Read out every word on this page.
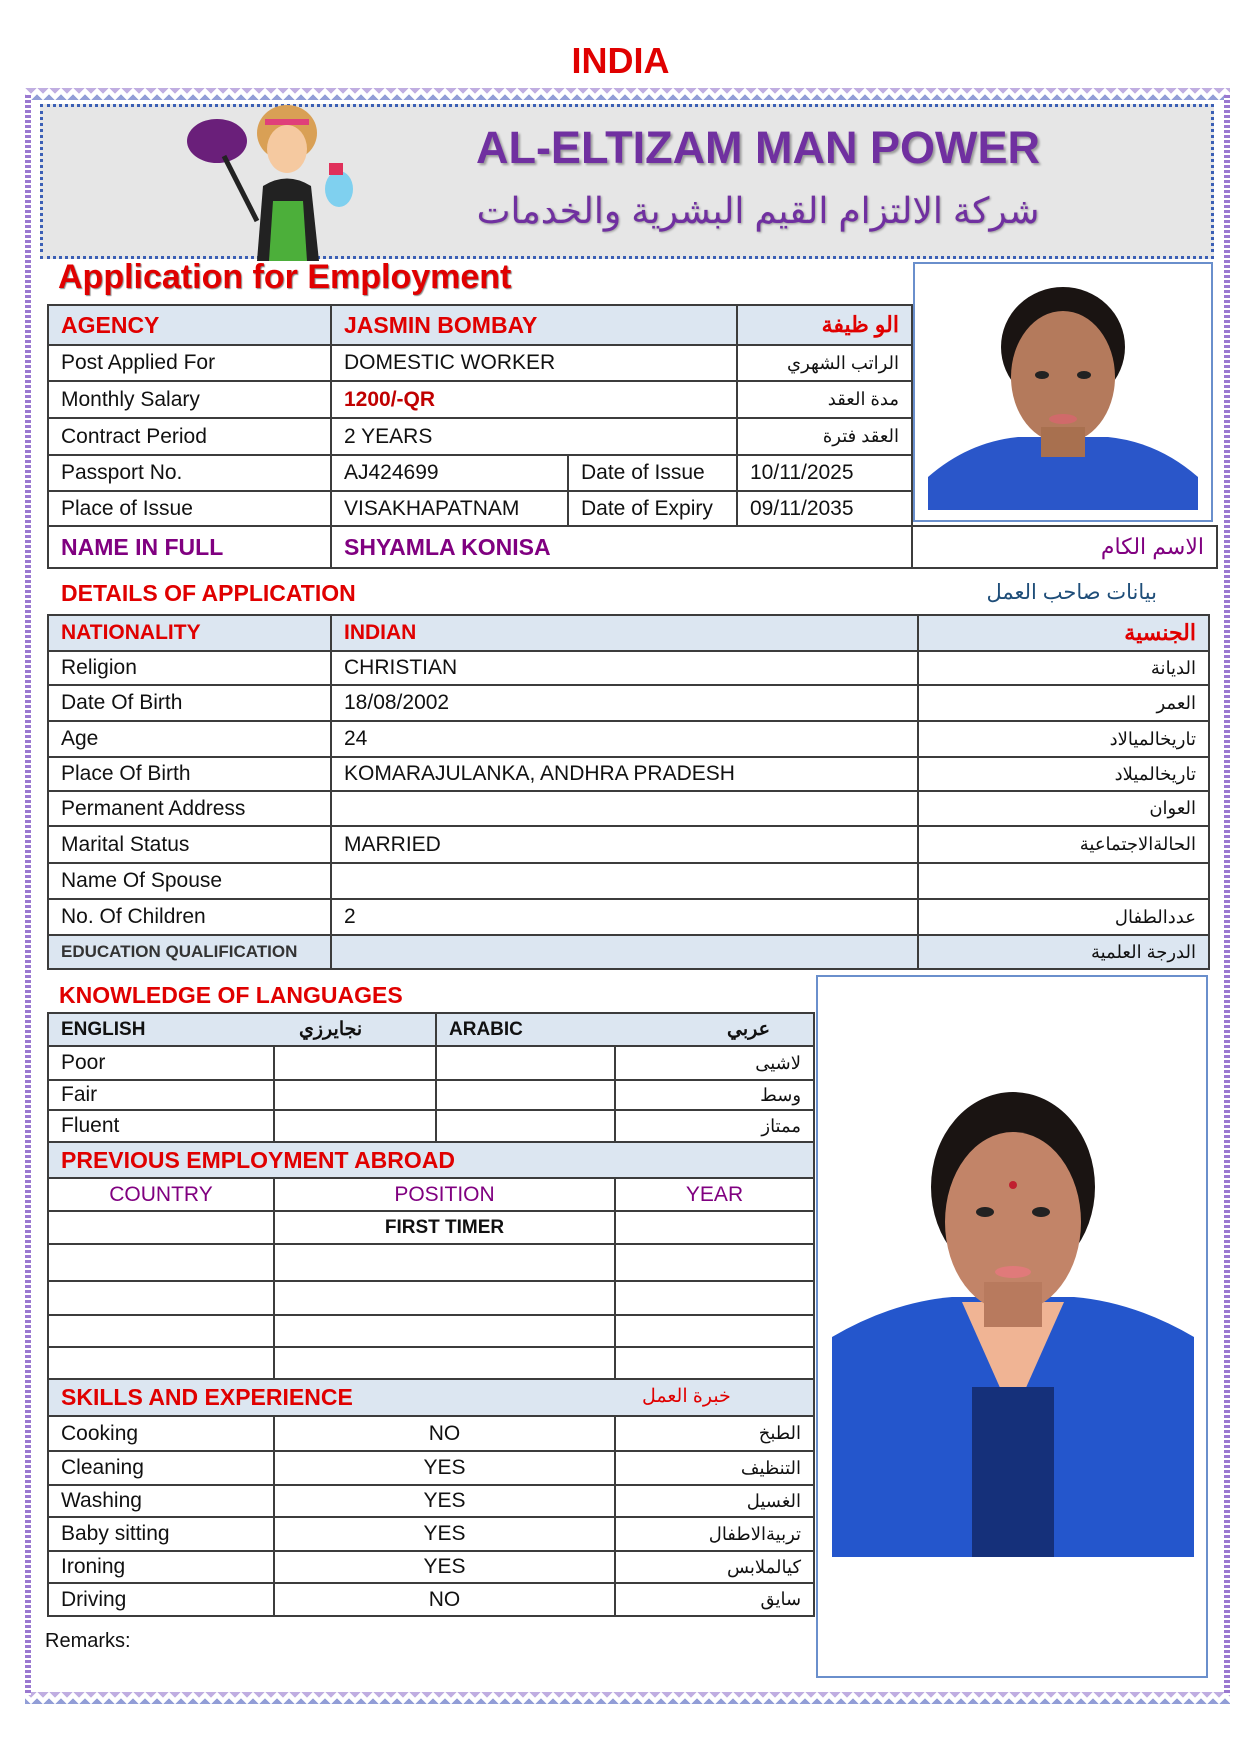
INDIA
AL-ELTIZAM MAN POWER
شركة الالتزام القيم البشرية والخدمات
Application for Employment
AGENCY	JASMIN BOMBAY		الو ظيفة
Post Applied For	DOMESTIC WORKER		الراتب الشهري
Monthly Salary	1200/-QR		مدة العقد
Contract Period	2 YEARS		العقد فترة
Passport No.	AJ424699	Date of Issue	10/11/2025
Place of Issue	VISAKHAPATNAM	Date of Expiry	09/11/2035
NAME IN FULL	SHYAMLA KONISA	الاسم الكام
DETAILS OF APPLICATION	بيانات صاحب العمل
NATIONALITY	INDIAN	الجنسية
Religion	CHRISTIAN	الديانة
Date Of Birth	18/08/2002	العمر
Age	24	تاريخالميالاد
Place Of Birth	KOMARAJULANKA, ANDHRA PRADESH	تاريخالميلاد
Permanent Address		العوان
Marital Status	MARRIED	الحالةالاجتماعية
Name Of Spouse		
No. Of Children	2	عددالطفال
EDUCATION QUALIFICATION		الدرجة العلمية
KNOWLEDGE OF LANGUAGES
ENGLISH نجايرزي		ARABIC عربي	

Poor			لاشيى
Fair			وسط
Fluent			ممتاز
PREVIOUS EMPLOYMENT ABROAD			
COUNTRY	POSITION		YEAR
	FIRST TIMER		

SKILLS AND EXPERIENCE خبرة العمل			

Cooking	NO		الطبخ
Cleaning	YES		التنظيف
Washing	YES		الغسيل
Baby sitting	YES		تربيةالاطفال
Ironing	YES		كيالملابس
Driving	NO		سايق
Remarks:
